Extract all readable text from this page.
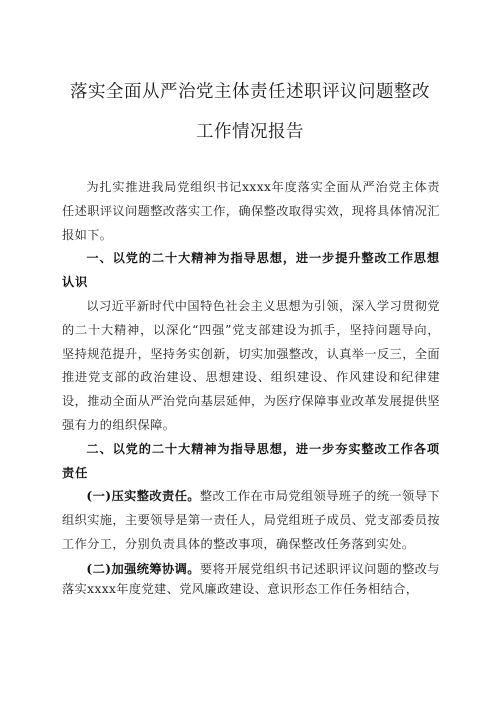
落实全面从严治党主体责任述职评议问题整改
工作情况报告

为扎实推进我局党组织书记xxxx年度落实全面从严治党主体责任述职评议问题整改落实工作，确保整改取得实效，现将具体情况汇报如下。

一、以党的二十大精神为指导思想，进一步提升整改工作思想认识

以习近平新时代中国特色社会主义思想为引领，深入学习贯彻党的二十大精神，以深化“四强”党支部建设为抓手，坚持问题导向，坚持规范提升，坚持务实创新，切实加强整改，认真举一反三，全面推进党支部的政治建设、思想建设、组织建设、作风建设和纪律建设，推动全面从严治党向基层延伸，为医疗保障事业改革发展提供坚强有力的组织保障。

二、以党的二十大精神为指导思想，进一步夯实整改工作各项责任

(一)压实整改责任。整改工作在市局党组领导班子的统一领导下组织实施，主要领导是第一责任人，局党组班子成员、党支部委员按工作分工，分别负责具体的整改事项，确保整改任务落到实处。

(二)加强统筹协调。要将开展党组织书记述职评议问题的整改与落实xxxx年度党建、党风廉政建设、意识形态工作任务相结合，
